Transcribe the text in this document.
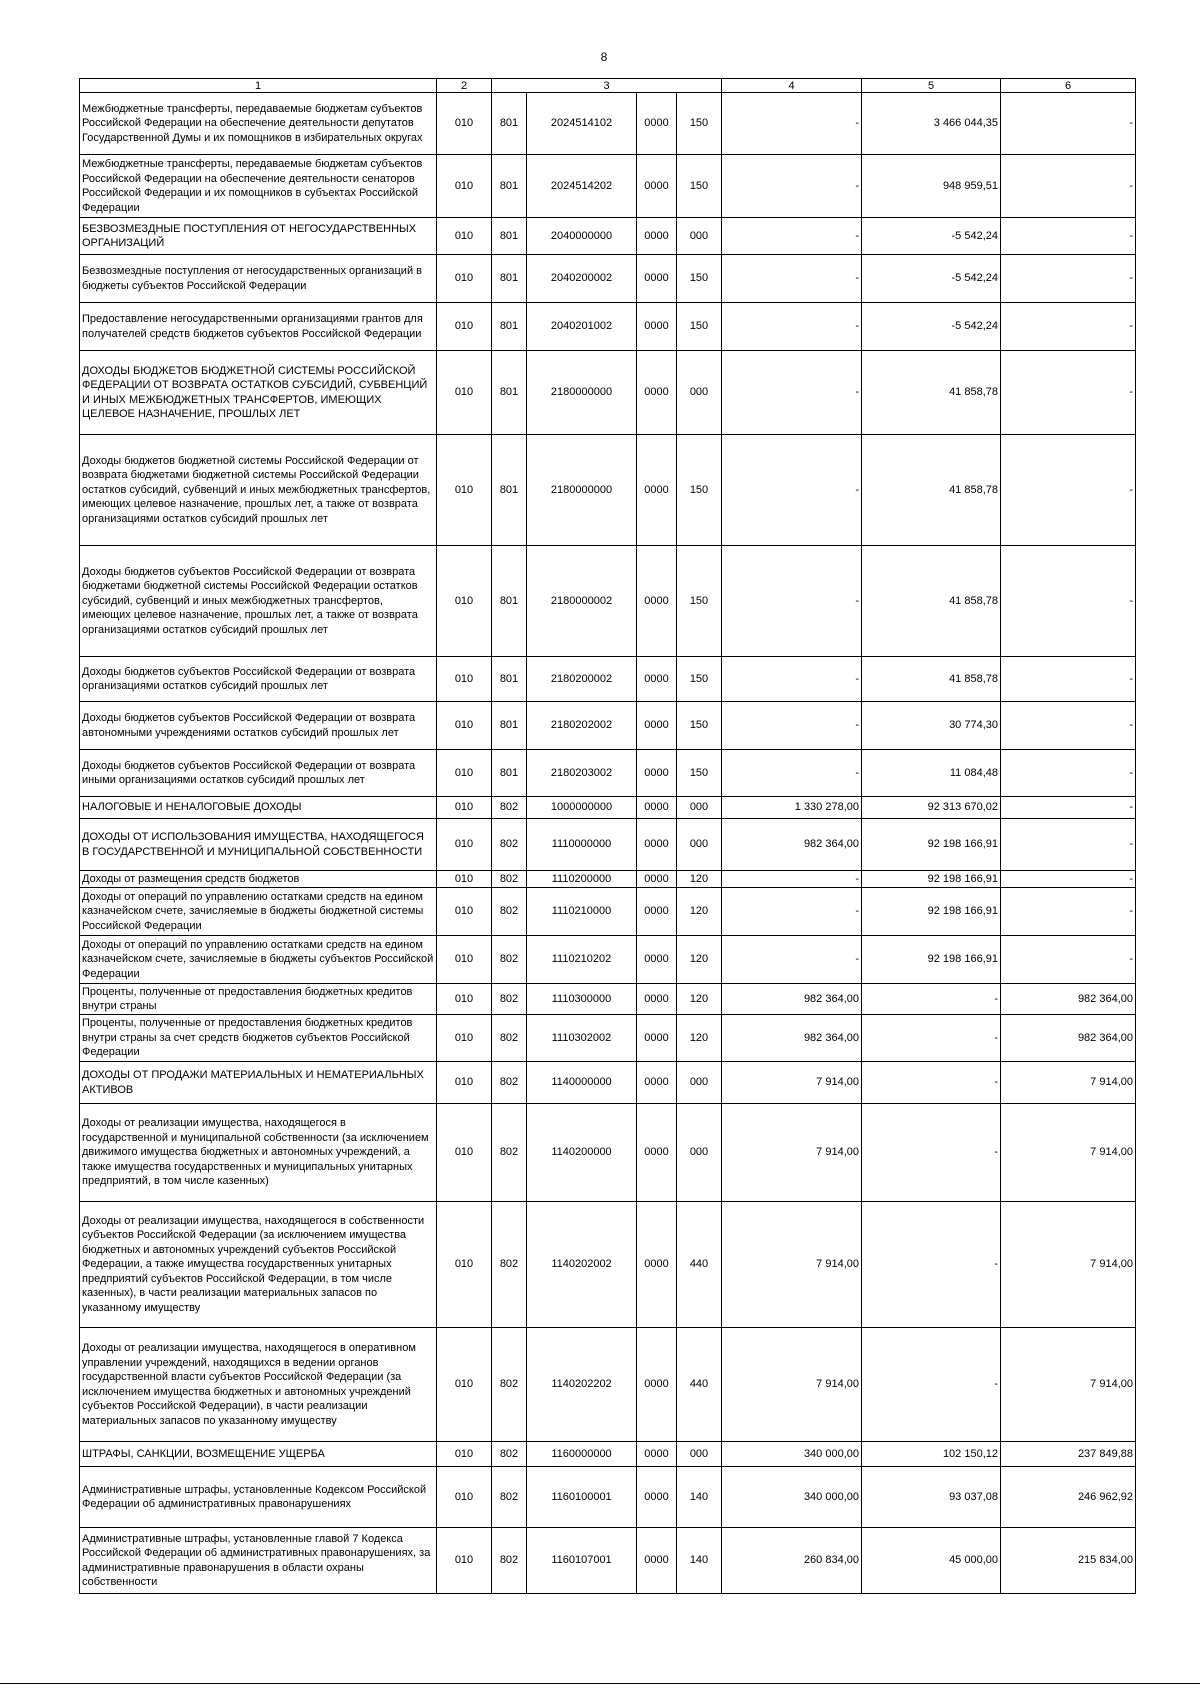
8
1	2	3				4	5	6
Межбюджетные трансферты, передаваемые бюджетам субъектов Российской Федерации на обеспечение деятельности депутатов Государственной Думы и их помощников в избирательных округах	010	801	2024514102	0000	150	-	3 466 044,35	-
Межбюджетные трансферты, передаваемые бюджетам субъектов Российской Федерации на обеспечение деятельности сенаторов Российской Федерации и их помощников в субъектах Российской Федерации	010	801	2024514202	0000	150	-	948 959,51	-
БЕЗВОЗМЕЗДНЫЕ ПОСТУПЛЕНИЯ ОТ НЕГОСУДАРСТВЕННЫХ ОРГАНИЗАЦИЙ	010	801	2040000000	0000	000	-	-5 542,24	-
Безвозмездные поступления от негосударственных организаций в бюджеты субъектов Российской Федерации	010	801	2040200002	0000	150	-	-5 542,24	-
Предоставление негосударственными организациями грантов для получателей средств бюджетов субъектов Российской Федерации	010	801	2040201002	0000	150	-	-5 542,24	-
ДОХОДЫ БЮДЖЕТОВ БЮДЖЕТНОЙ СИСТЕМЫ РОССИЙСКОЙ ФЕДЕРАЦИИ ОТ ВОЗВРАТА ОСТАТКОВ СУБСИДИЙ, СУБВЕНЦИЙ И ИНЫХ МЕЖБЮДЖЕТНЫХ ТРАНСФЕРТОВ, ИМЕЮЩИХ ЦЕЛЕВОЕ НАЗНАЧЕНИЕ, ПРОШЛЫХ ЛЕТ	010	801	2180000000	0000	000	-	41 858,78	-
Доходы бюджетов бюджетной системы Российской Федерации от возврата бюджетами бюджетной системы Российской Федерации остатков субсидий, субвенций и иных межбюджетных трансфертов, имеющих целевое назначение, прошлых лет, а также от возврата организациями остатков субсидий прошлых лет	010	801	2180000000	0000	150	-	41 858,78	-
Доходы бюджетов субъектов Российской Федерации от возврата бюджетами бюджетной системы Российской Федерации остатков субсидий, субвенций и иных межбюджетных трансфертов, имеющих целевое назначение, прошлых лет, а также от возврата организациями остатков субсидий прошлых лет	010	801	2180000002	0000	150	-	41 858,78	-
Доходы бюджетов субъектов Российской Федерации от возврата организациями остатков субсидий прошлых лет	010	801	2180200002	0000	150	-	41 858,78	-
Доходы бюджетов субъектов Российской Федерации от возврата автономными учреждениями остатков субсидий прошлых лет	010	801	2180202002	0000	150	-	30 774,30	-
Доходы бюджетов субъектов Российской Федерации от возврата иными организациями остатков субсидий прошлых лет	010	801	2180203002	0000	150	-	11 084,48	-
НАЛОГОВЫЕ И НЕНАЛОГОВЫЕ ДОХОДЫ	010	802	1000000000	0000	000	1 330 278,00	92 313 670,02	-
ДОХОДЫ ОТ ИСПОЛЬЗОВАНИЯ ИМУЩЕСТВА, НАХОДЯЩЕГОСЯ В ГОСУДАРСТВЕННОЙ И МУНИЦИПАЛЬНОЙ СОБСТВЕННОСТИ	010	802	1110000000	0000	000	982 364,00	92 198 166,91	-
Доходы от размещения средств бюджетов	010	802	1110200000	0000	120	-	92 198 166,91	-
Доходы от операций по управлению остатками средств на едином казначейском счете, зачисляемые в бюджеты бюджетной системы Российской Федерации	010	802	1110210000	0000	120	-	92 198 166,91	-
Доходы от операций по управлению остатками средств на едином казначейском счете, зачисляемые в бюджеты субъектов Российской Федерации	010	802	1110210202	0000	120	-	92 198 166,91	-
Проценты, полученные от предоставления бюджетных кредитов внутри страны	010	802	1110300000	0000	120	982 364,00	-	982 364,00
Проценты, полученные от предоставления бюджетных кредитов внутри страны за счет средств бюджетов субъектов Российской Федерации	010	802	1110302002	0000	120	982 364,00	-	982 364,00
ДОХОДЫ ОТ ПРОДАЖИ МАТЕРИАЛЬНЫХ И НЕМАТЕРИАЛЬНЫХ АКТИВОВ	010	802	1140000000	0000	000	7 914,00	-	7 914,00
Доходы от реализации имущества, находящегося в государственной и муниципальной собственности (за исключением движимого имущества бюджетных и автономных учреждений, а также имущества государственных и муниципальных унитарных предприятий, в том числе казенных)	010	802	1140200000	0000	000	7 914,00	-	7 914,00
Доходы от реализации имущества, находящегося в собственности субъектов Российской Федерации (за исключением имущества бюджетных и автономных учреждений субъектов Российской Федерации, а также имущества государственных унитарных предприятий субъектов Российской Федерации, в том числе казенных), в части реализации материальных запасов по указанному имуществу	010	802	1140202002	0000	440	7 914,00	-	7 914,00
Доходы от реализации имущества, находящегося в оперативном управлении учреждений, находящихся в ведении органов государственной власти субъектов Российской Федерации (за исключением имущества бюджетных и автономных учреждений субъектов Российской Федерации), в части реализации материальных запасов по указанному имуществу	010	802	1140202202	0000	440	7 914,00	-	7 914,00
ШТРАФЫ, САНКЦИИ, ВОЗМЕЩЕНИЕ УЩЕРБА	010	802	1160000000	0000	000	340 000,00	102 150,12	237 849,88
Административные штрафы, установленные Кодексом Российской Федерации об административных правонарушениях	010	802	1160100001	0000	140	340 000,00	93 037,08	246 962,92
Административные штрафы, установленные главой 7 Кодекса Российской Федерации об административных правонарушениях, за административные правонарушения в области охраны собственности	010	802	1160107001	0000	140	260 834,00	45 000,00	215 834,00
